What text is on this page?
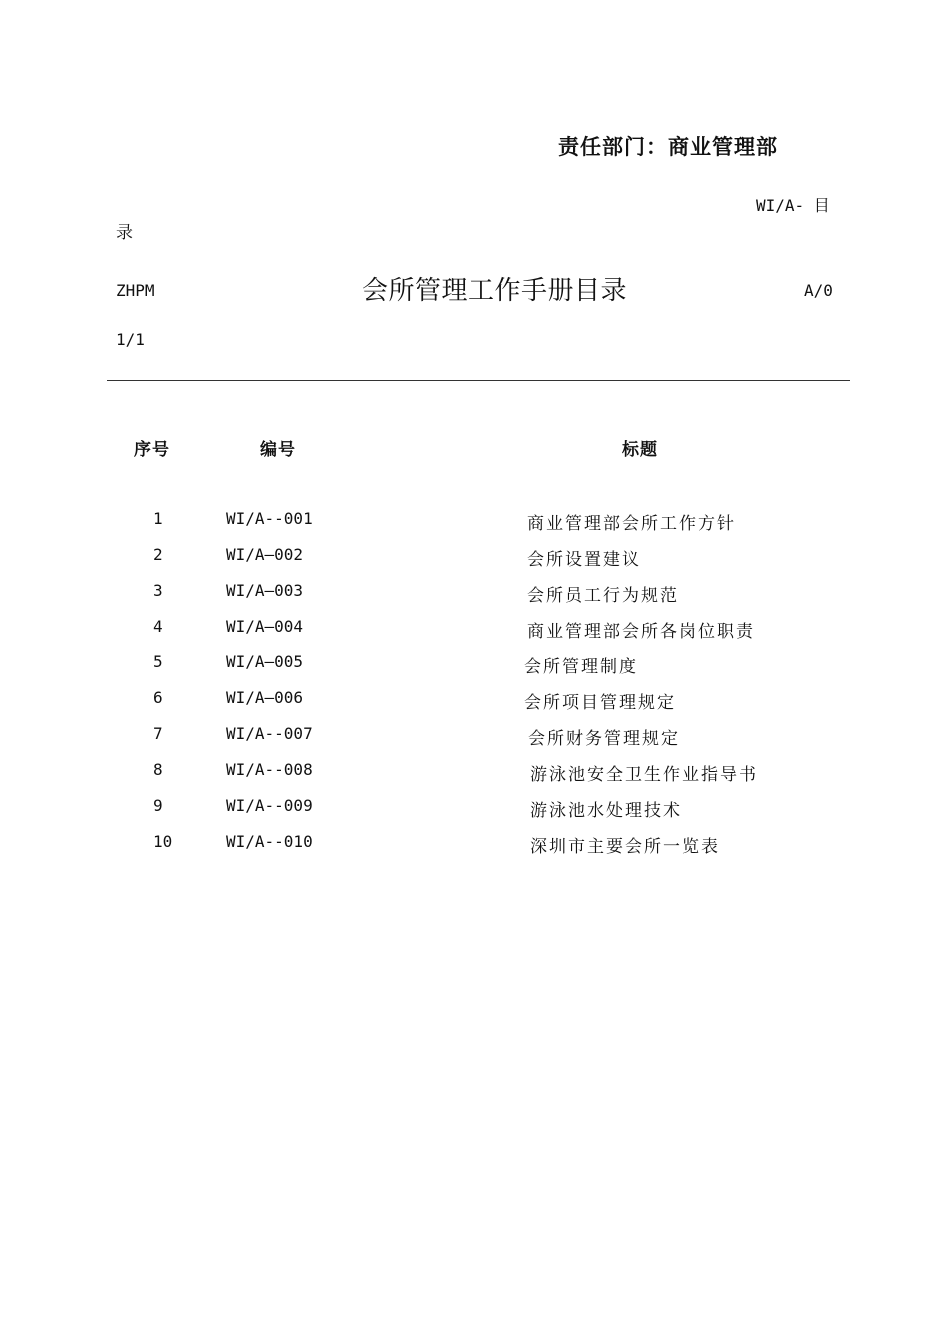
责任部门：商业管理部
WI/A- 目
录
ZHPM	会所管理工作手册目录	A/0
1/1
序号	编号	标题
1	WI/A--001	商业管理部会所工作方针
2	WI/A—002	会所设置建议
3	WI/A—003	会所员工行为规范
4	WI/A—004	商业管理部会所各岗位职责
5	WI/A—005	会所管理制度
6	WI/A—006	会所项目管理规定
7	WI/A--007	会所财务管理规定
8	WI/A--008	游泳池安全卫生作业指导书
9	WI/A--009	游泳池水处理技术
10	WI/A--010	深圳市主要会所一览表
